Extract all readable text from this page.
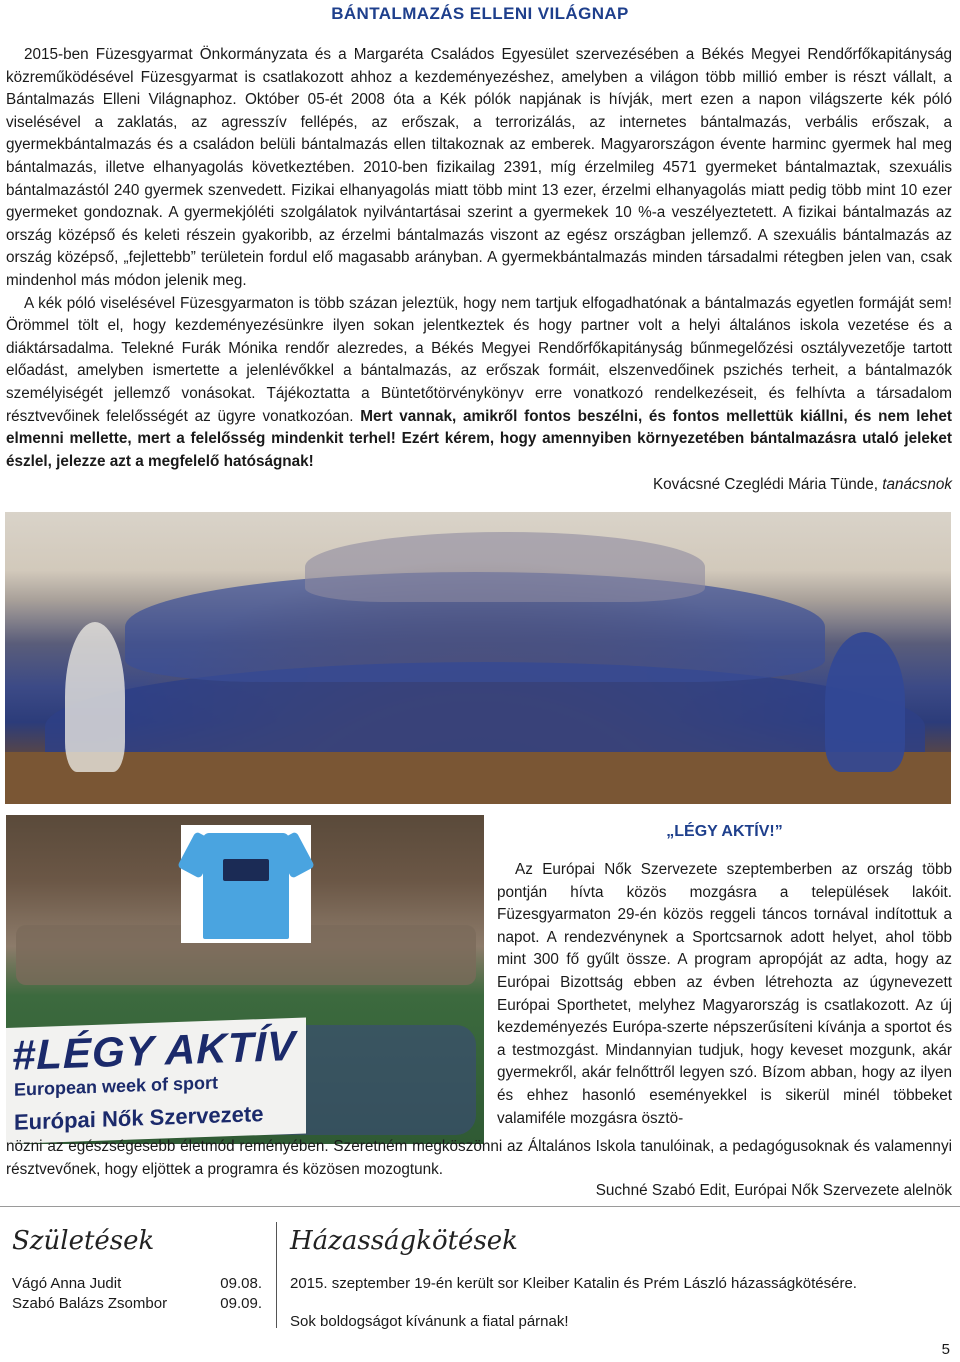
BÁNTALMAZÁS ELLENI VILÁGNAP

2015-ben Füzesgyarmat Önkormányzata és a Margaréta Családos Egyesület szervezésében a Békés Megyei Rendőrfőkapitányság közreműködésével Füzesgyarmat is csatlakozott ahhoz a kezdeményezéshez, amelyben a világon több millió ember is részt vállalt, a Bántalmazás Elleni Világnaphoz. Október 05-ét 2008 óta a Kék pólók napjának is hívják, mert ezen a napon világszerte kék póló viselésével a zaklatás, az agresszív fellépés, az erőszak, a terrorizálás, az internetes bántalmazás, verbális erőszak, a gyermekbántalmazás és a családon belüli bántalmazás ellen tiltakoznak az emberek. Magyarországon évente harminc gyermek hal meg bántalmazás, illetve elhanyagolás következtében. 2010-ben fizikailag 2391, míg érzelmileg 4571 gyermeket bántalmaztak, szexuális bántalmazástól 240 gyermek szenvedett. Fizikai elhanyagolás miatt több mint 13 ezer, érzelmi elhanyagolás miatt pedig több mint 10 ezer gyermeket gondoznak. A gyermekjóléti szolgálatok nyilvántartásai szerint a gyermekek 10 %-a veszélyeztetett. A fizikai bántalmazás az ország középső és keleti részein gyakoribb, az érzelmi bántalmazás viszont az egész országban jellemző. A szexuális bántalmazás az ország középső, „fejlettebb” területein fordul elő magasabb arányban. A gyermekbántalmazás minden társadalmi rétegben jelen van, csak mindenhol más módon jelenik meg.

A kék póló viselésével Füzesgyarmaton is több százan jeleztük, hogy nem tartjuk elfogadhatónak a bántalmazás egyetlen formáját sem! Örömmel tölt el, hogy kezdeményezésünkre ilyen sokan jelentkeztek és hogy partner volt a helyi általános iskola vezetése és a diáktársadalma. Telekné Furák Mónika rendőr alezredes, a Békés Megyei Rendőrfőkapitányság bűnmegelőzési osztályvezetője tartott előadást, amelyben ismertette a jelenlévőkkel a bántalmazás, az erőszak formáit, elszenvedőinek pszichés terheit, a bántalmazók személyiségét jellemző vonásokat. Tájékoztatta a Büntetőtörvénykönyv erre vonatkozó rendelkezéseit, és felhívta a társadalom résztvevőinek felelősségét az ügyre vonatkozóan. Mert vannak, amikről fontos beszélni, és fontos mellettük kiállni, és nem lehet elmenni mellette, mert a felelősség mindenkit terhel! Ezért kérem, hogy amennyiben környezetében bántalmazásra utaló jeleket észlel, jelezze azt a megfelelő hatóságnak!

Kovácsné Czeglédi Mária Tünde, tanácsnok
#LÉGY AKTÍV
European week of sport
Európai Nők Szervezete
„LÉGY AKTÍV!”

Az Európai Nők Szervezete szeptemberben az ország több pontján hívta közös mozgásra a települések lakóit. Füzesgyarmaton 29-én közös reggeli táncos tornával indítottuk a napot. A rendezvénynek a Sportcsarnok adott helyet, ahol több mint 300 fő gyűlt össze. A program apropóját az adta, hogy az Európai Bizottság ebben az évben létrehozta az úgynevezett Európai Sporthetet, melyhez Magyarország is csatlakozott. Az új kezdeményezés Európa-szerte népszerűsíteni kívánja a sportot és a testmozgást. Mindannyian tudjuk, hogy keveset mozgunk, akár gyermekről, akár felnőttről legyen szó. Bízom abban, hogy az ilyen és ehhez hasonló eseményekkel is sikerül minél többeket valamiféle mozgásra ösztö-

nözni az egészségesebb életmód reményében. Szeretném megköszönni az Általános Iskola tanulóinak, a pedagógusoknak és valamennyi résztvevőnek, hogy eljöttek a programra és közösen mozogtunk.
Suchné Szabó Edit, Európai Nők Szervezete alelnök
Születések
Vágó Anna Judit	09.08.
Szabó Balázs Zsombor	09.09.
Házasságkötések
2015. szeptember 19-én került sor Kleiber Katalin és Prém László házasságkötésére.
Sok boldogságot kívánunk a fiatal párnak!
5
